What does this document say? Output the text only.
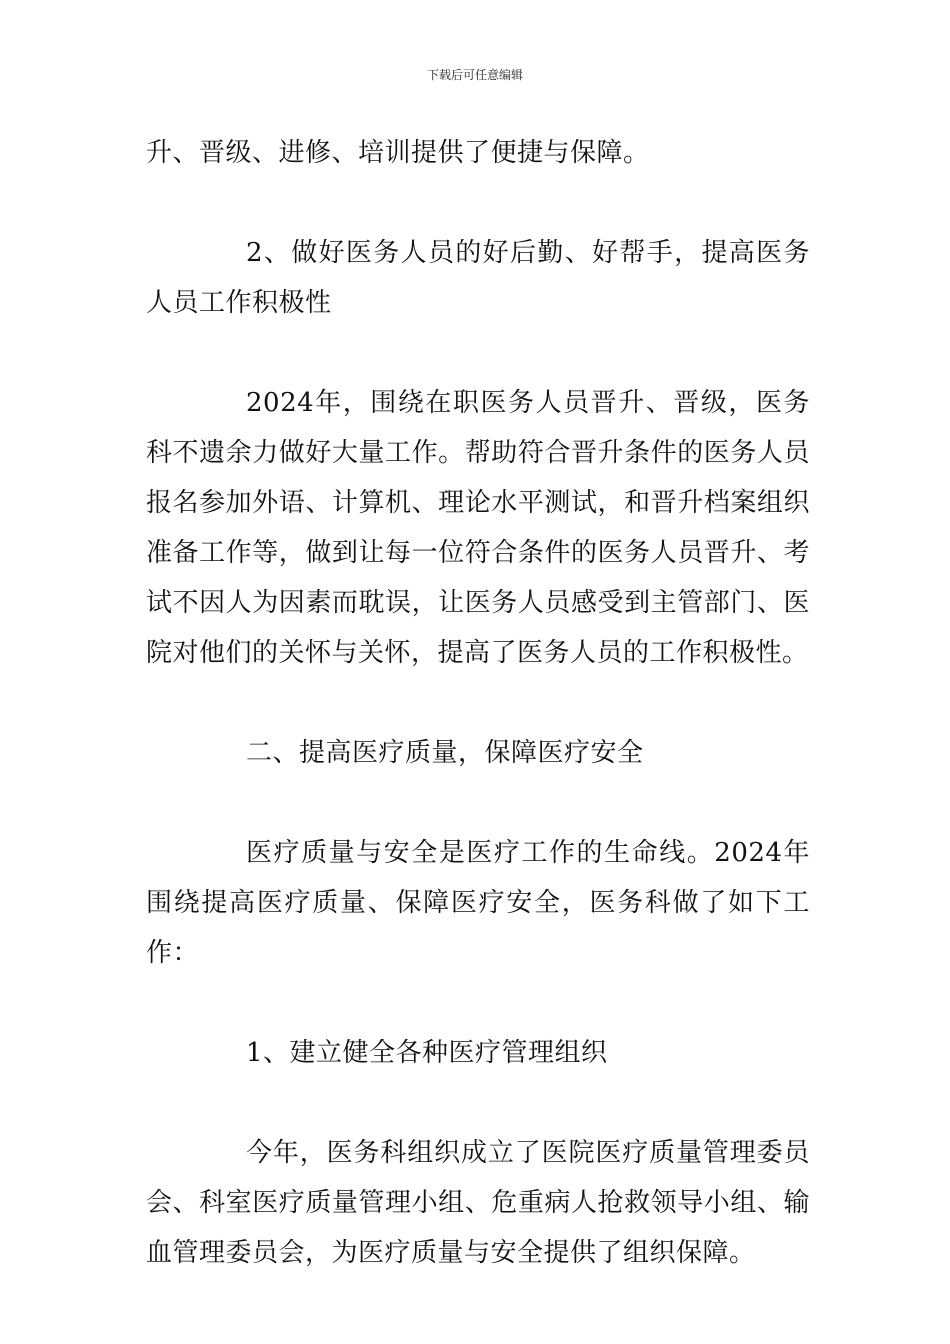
下载后可任意编辑

升、晋级、进修、培训提供了便捷与保障。

2、做好医务人员的好后勤、好帮手，提高医务人员工作积极性

2024年，围绕在职医务人员晋升、晋级，医务科不遗余力做好大量工作。帮助符合晋升条件的医务人员报名参加外语、计算机、理论水平测试，和晋升档案组织准备工作等，做到让每一位符合条件的医务人员晋升、考试不因人为因素而耽误，让医务人员感受到主管部门、医院对他们的关怀与关怀，提高了医务人员的工作积极性。

二、提高医疗质量，保障医疗安全

医疗质量与安全是医疗工作的生命线。2024年围绕提高医疗质量、保障医疗安全，医务科做了如下工作：

1、建立健全各种医疗管理组织

今年，医务科组织成立了医院医疗质量管理委员会、科室医疗质量管理小组、危重病人抢救领导小组、输血管理委员会，为医疗质量与安全提供了组织保障。
